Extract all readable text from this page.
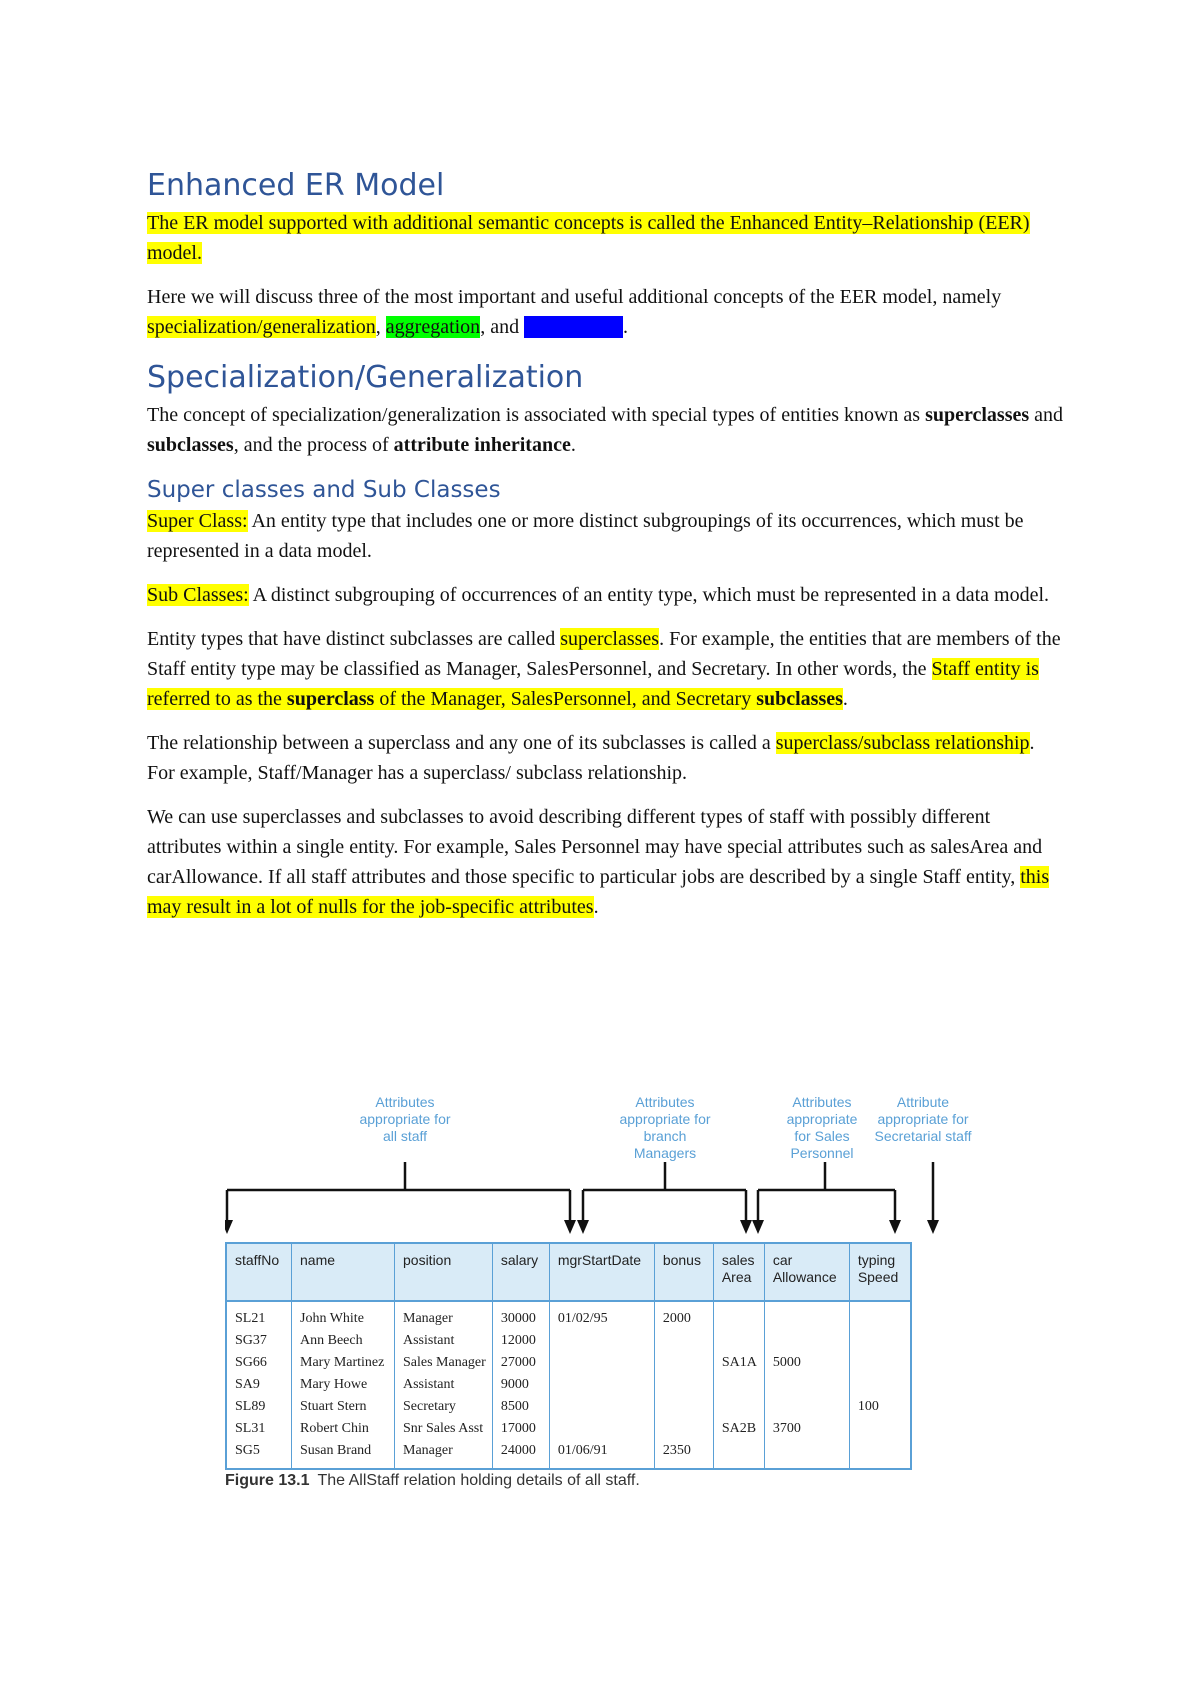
Enhanced ER Model

The ER model supported with additional semantic concepts is called the Enhanced Entity–Relationship (EER) model.

Here we will discuss three of the most important and useful additional concepts of the EER model, namely specialization/generalization, aggregation, and composition.

Specialization/Generalization

The concept of specialization/generalization is associated with special types of entities known as superclasses and subclasses, and the process of attribute inheritance.

Super classes and Sub Classes

Super Class: An entity type that includes one or more distinct subgroupings of its occurrences, which must be represented in a data model.

Sub Classes: A distinct subgrouping of occurrences of an entity type, which must be represented in a data model.

Entity types that have distinct subclasses are called superclasses. For example, the entities that are members of the Staff entity type may be classified as Manager, SalesPersonnel, and Secretary. In other words, the Staff entity is referred to as the superclass of the Manager, SalesPersonnel, and Secretary subclasses.

The relationship between a superclass and any one of its subclasses is called a superclass/subclass relationship. For example, Staff/Manager has a superclass/ subclass relationship.

We can use superclasses and subclasses to avoid describing different types of staff with possibly different attributes within a single entity. For example, Sales Personnel may have special attributes such as salesArea and carAllowance. If all staff attributes and those specific to particular jobs are described by a single Staff entity, this may result in a lot of nulls for the job-specific attributes.

Attributes appropriate for all staff
Attributes appropriate for branch Managers
Attributes appropriate for Sales Personnel
Attribute appropriate for Secretarial staff
staffNo	name	position	salary	mgrStartDate	bonus	sales Area	car Allowance	typing Speed
SL21	John White	Manager	30000	01/02/95	2000			
SG37	Ann Beech	Assistant	12000					
SG66	Mary Martinez	Sales Manager	27000			SA1A	5000	
SA9	Mary Howe	Assistant	9000					
SL89	Stuart Stern	Secretary	8500					100
SL31	Robert Chin	Snr Sales Asst	17000			SA2B	3700	
SG5	Susan Brand	Manager	24000	01/06/91	2350			
Figure 13.1 The AllStaff relation holding details of all staff.
